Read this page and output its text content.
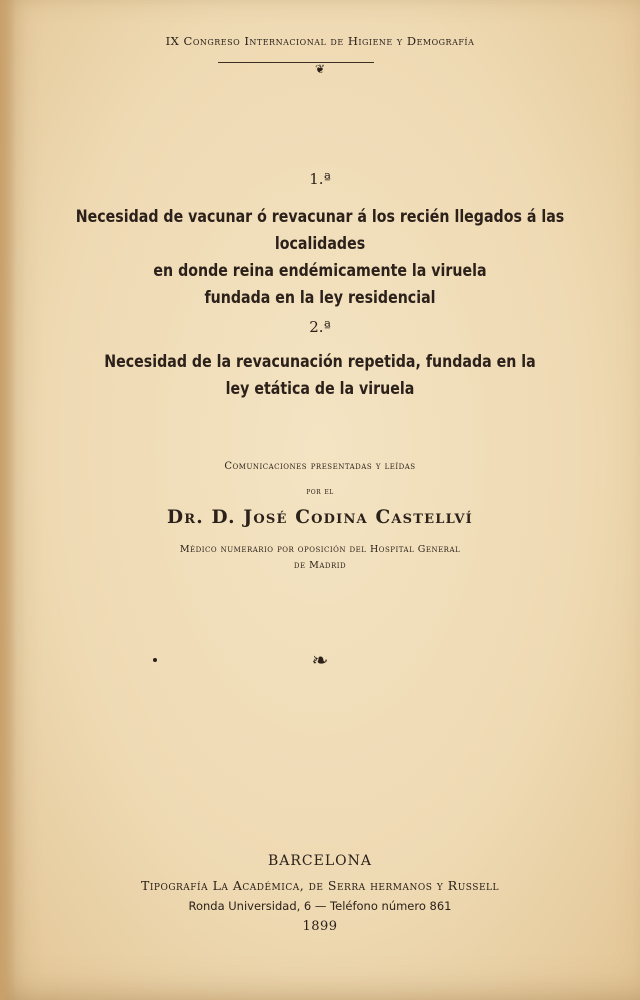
IX Congreso Internacional de Higiene y Demografía
❦
1.ª
Necesidad de vacunar ó revacunar á los recién llegados á las localidades
en donde reina endémicamente la viruela
fundada en la ley residencial
2.ª
Necesidad de la revacunación repetida, fundada en la
ley etática de la viruela
Comunicaciones presentadas y leídas
por el
Dr. D. José Codina Castellví
Médico numerario por oposición del Hospital General
de Madrid
❧
BARCELONA
Tipografía La Académica, de Serra hermanos y Russell
Ronda Universidad, 6 — Teléfono número 861
1899
